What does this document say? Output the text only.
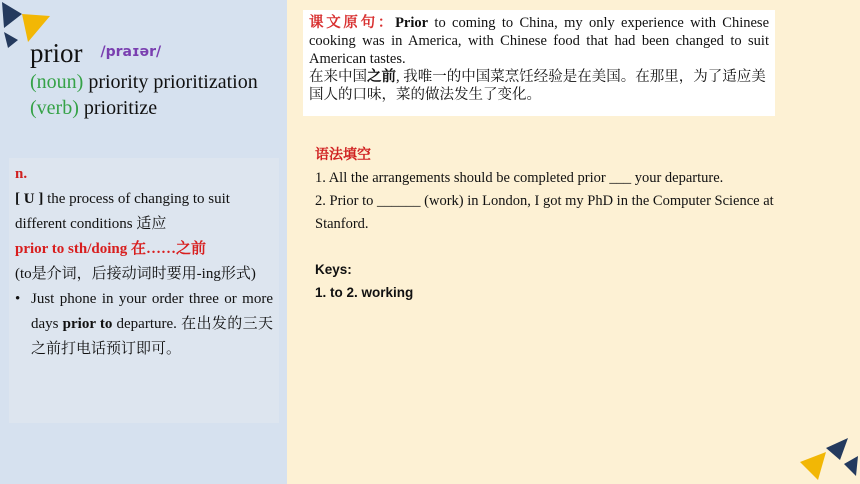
prior /praɪər/
(noun) priority prioritization
(verb) prioritize
n.
[ U ] the process of changing to suit different conditions 适应
prior to sth/doing 在……之前
(to是介词，后接动词时要用-ing形式)
• Just phone in your order three or more days prior to departure. 在出发的三天之前打电话预订即可。
课文原句：Prior to coming to China, my only experience with Chinese cooking was in America, with Chinese food that had been changed to suit American tastes.
在来中国之前, 我唯一的中国菜烹饪经验是在美国。在那里，为了适应美国人的口味，菜的做法发生了变化。
语法填空
1. All the arrangements should be completed prior ___ your departure.
2. Prior to ______ (work) in London, I got my PhD in the Computer Science at Stanford.
Keys:
1. to 2. working
